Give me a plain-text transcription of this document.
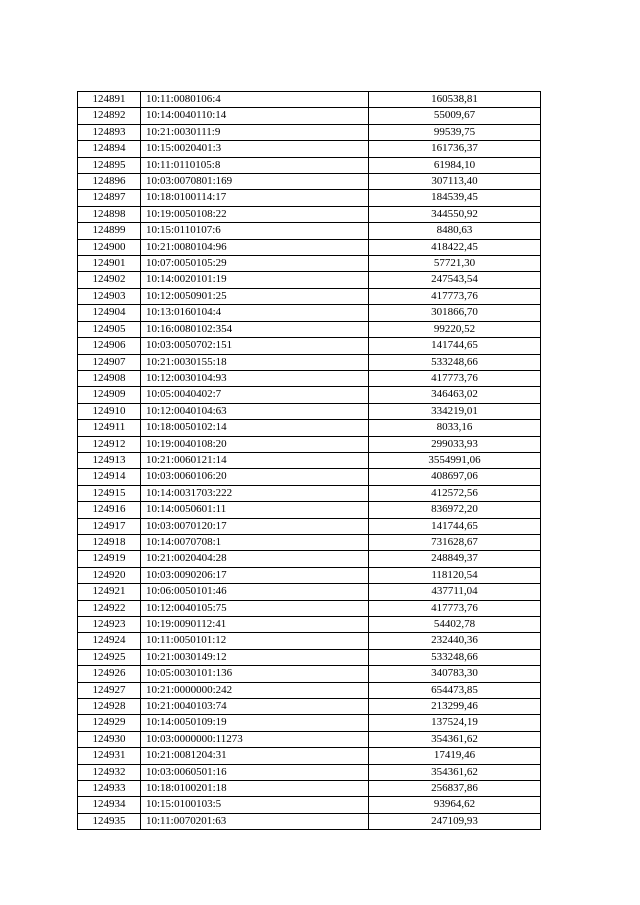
124891	10:11:0080106:4	160538,81
124892	10:14:0040110:14	55009,67
124893	10:21:0030111:9	99539,75
124894	10:15:0020401:3	161736,37
124895	10:11:0110105:8	61984,10
124896	10:03:0070801:169	307113,40
124897	10:18:0100114:17	184539,45
124898	10:19:0050108:22	344550,92
124899	10:15:0110107:6	8480,63
124900	10:21:0080104:96	418422,45
124901	10:07:0050105:29	57721,30
124902	10:14:0020101:19	247543,54
124903	10:12:0050901:25	417773,76
124904	10:13:0160104:4	301866,70
124905	10:16:0080102:354	99220,52
124906	10:03:0050702:151	141744,65
124907	10:21:0030155:18	533248,66
124908	10:12:0030104:93	417773,76
124909	10:05:0040402:7	346463,02
124910	10:12:0040104:63	334219,01
124911	10:18:0050102:14	8033,16
124912	10:19:0040108:20	299033,93
124913	10:21:0060121:14	3554991,06
124914	10:03:0060106:20	408697,06
124915	10:14:0031703:222	412572,56
124916	10:14:0050601:11	836972,20
124917	10:03:0070120:17	141744,65
124918	10:14:0070708:1	731628,67
124919	10:21:0020404:28	248849,37
124920	10:03:0090206:17	118120,54
124921	10:06:0050101:46	437711,04
124922	10:12:0040105:75	417773,76
124923	10:19:0090112:41	54402,78
124924	10:11:0050101:12	232440,36
124925	10:21:0030149:12	533248,66
124926	10:05:0030101:136	340783,30
124927	10:21:0000000:242	654473,85
124928	10:21:0040103:74	213299,46
124929	10:14:0050109:19	137524,19
124930	10:03:0000000:11273	354361,62
124931	10:21:0081204:31	17419,46
124932	10:03:0060501:16	354361,62
124933	10:18:0100201:18	256837,86
124934	10:15:0100103:5	93964,62
124935	10:11:0070201:63	247109,93
